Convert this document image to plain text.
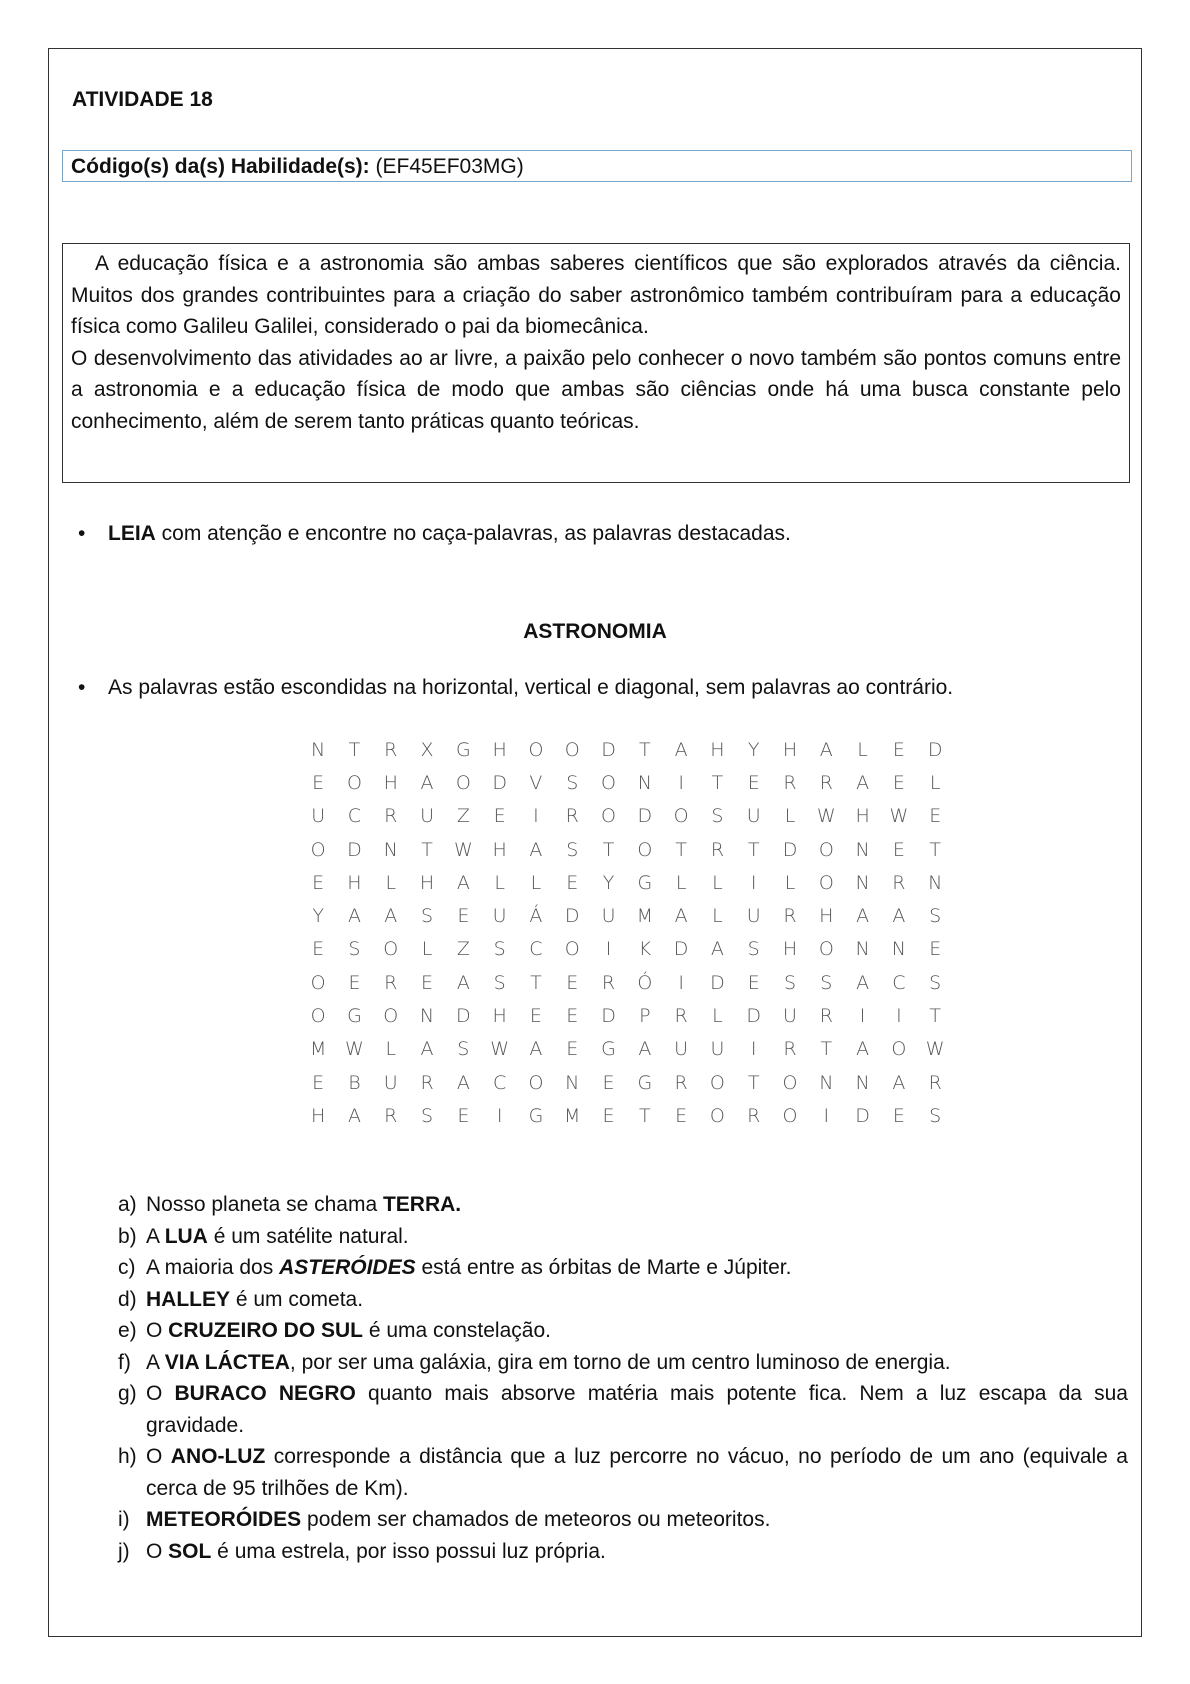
ATIVIDADE 18
Código(s) da(s) Habilidade(s): (EF45EF03MG)

A educação física e a astronomia são ambas saberes científicos que são explorados através da ciência. Muitos dos grandes contribuintes para a criação do saber astronômico também contribuíram para a educação física como Galileu Galilei, considerado o pai da biomecânica.

O desenvolvimento das atividades ao ar livre, a paixão pelo conhecer o novo também são pontos comuns entre a astronomia e a educação física de modo que ambas são ciências onde há uma busca constante pelo conhecimento, além de serem tanto práticas quanto teóricas.

• LEIA com atenção e encontre no caça-palavras, as palavras destacadas.
ASTRONOMIA
• As palavras estão escondidas na horizontal, vertical e diagonal, sem palavras ao contrário.
N	T	R	X	G	H	O	O	D	T	A	H	Y	H	A	L	E	D
E	O	H	A	O	D	V	S	O	N	I	T	E	R	R	A	E	L
U	C	R	U	Z	E	I	R	O	D	O	S	U	L	W	H	W	E
O	D	N	T	W	H	A	S	T	O	T	R	T	D	O	N	E	T
E	H	L	H	A	L	L	E	Y	G	L	L	I	L	O	N	R	N
Y	A	A	S	E	U	Á	D	U	M	A	L	U	R	H	A	A	S
E	S	O	L	Z	S	C	O	I	K	D	A	S	H	O	N	N	E
O	E	R	E	A	S	T	E	R	Ó	I	D	E	S	S	A	C	S
O	G	O	N	D	H	E	E	D	P	R	L	D	U	R	I	I	T
M	W	L	A	S	W	A	E	G	A	U	U	I	R	T	A	O	W
E	B	U	R	A	C	O	N	E	G	R	O	T	O	N	N	A	R
H	A	R	S	E	I	G	M	E	T	E	O	R	O	I	D	E	S
a) Nosso planeta se chama TERRA.
b) A LUA é um satélite natural.
c) A maioria dos ASTERÓIDES está entre as órbitas de Marte e Júpiter.
d) HALLEY é um cometa.
e) O CRUZEIRO DO SUL é uma constelação.
f) A VIA LÁCTEA, por ser uma galáxia, gira em torno de um centro luminoso de energia.
g) O BURACO NEGRO quanto mais absorve matéria mais potente fica. Nem a luz escapa da sua gravidade.
h) O ANO-LUZ corresponde a distância que a luz percorre no vácuo, no período de um ano (equivale a cerca de 95 trilhões de Km).
i) METEORÓIDES podem ser chamados de meteoros ou meteoritos.
j) O SOL é uma estrela, por isso possui luz própria.
